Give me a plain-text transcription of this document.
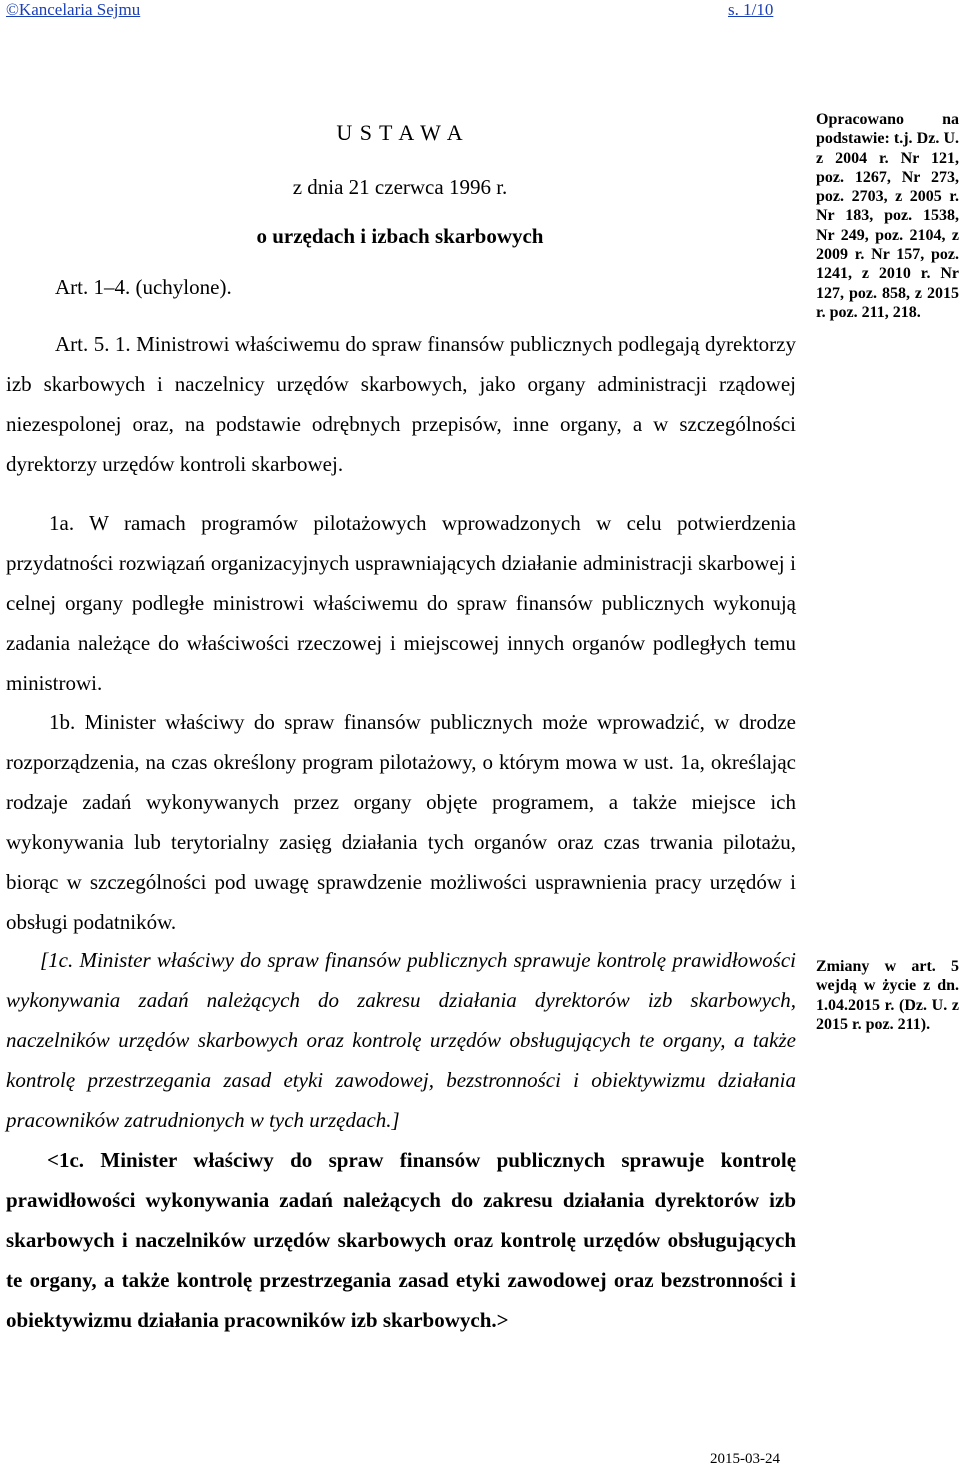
©Kancelaria Sejmu	s. 1/10
U S T A W A
z dnia 21 czerwca 1996 r.
o urzędach i izbach skarbowych
Art. 1–4. (uchylone).

Art. 5. 1. Ministrowi właściwemu do spraw finansów publicznych podlegają dyrektorzy izb skarbowych i naczelnicy urzędów skarbowych, jako organy administracji rządowej niezespolonej oraz, na podstawie odrębnych przepisów, inne organy, a w szczególności dyrektorzy urzędów kontroli skarbowej.

1a. W ramach programów pilotażowych wprowadzonych w celu potwierdzenia przydatności rozwiązań organizacyjnych usprawniających działanie administracji skarbowej i celnej organy podległe ministrowi właściwemu do spraw finansów publicznych wykonują zadania należące do właściwości rzeczowej i miejscowej innych organów podległych temu ministrowi.

1b. Minister właściwy do spraw finansów publicznych może wprowadzić, w drodze rozporządzenia, na czas określony program pilotażowy, o którym mowa w ust. 1a, określając rodzaje zadań wykonywanych przez organy objęte programem, a także miejsce ich wykonywania lub terytorialny zasięg działania tych organów oraz czas trwania pilotażu, biorąc w szczególności pod uwagę sprawdzenie możliwości usprawnienia pracy urzędów i obsługi podatników.

[1c. Minister właściwy do spraw finansów publicznych sprawuje kontrolę prawidłowości wykonywania zadań należących do zakresu działania dyrektorów izb skarbowych, naczelników urzędów skarbowych oraz kontrolę urzędów obsługujących te organy, a także kontrolę przestrzegania zasad etyki zawodowej, bezstronności i obiektywizmu działania pracowników zatrudnionych w tych urzędach.]

<1c. Minister właściwy do spraw finansów publicznych sprawuje kontrolę prawidłowości wykonywania zadań należących do zakresu działania dyrektorów izb skarbowych i naczelników urzędów skarbowych oraz kontrolę urzędów obsługujących te organy, a także kontrolę przestrzegania zasad etyki zawodowej oraz bezstronności i obiektywizmu działania pracowników izb skarbowych.>

Opracowano na podstawie: t.j. Dz. U. z 2004 r. Nr 121, poz. 1267, Nr 273, poz. 2703, z 2005 r. Nr 183, poz. 1538, Nr 249, poz. 2104, z 2009 r. Nr 157, poz. 1241, z 2010 r. Nr 127, poz. 858, z 2015 r. poz. 211, 218.
Zmiany w art. 5 wejdą w życie z dn. 1.04.2015 r. (Dz. U. z 2015 r. poz. 211).
2015-03-24
